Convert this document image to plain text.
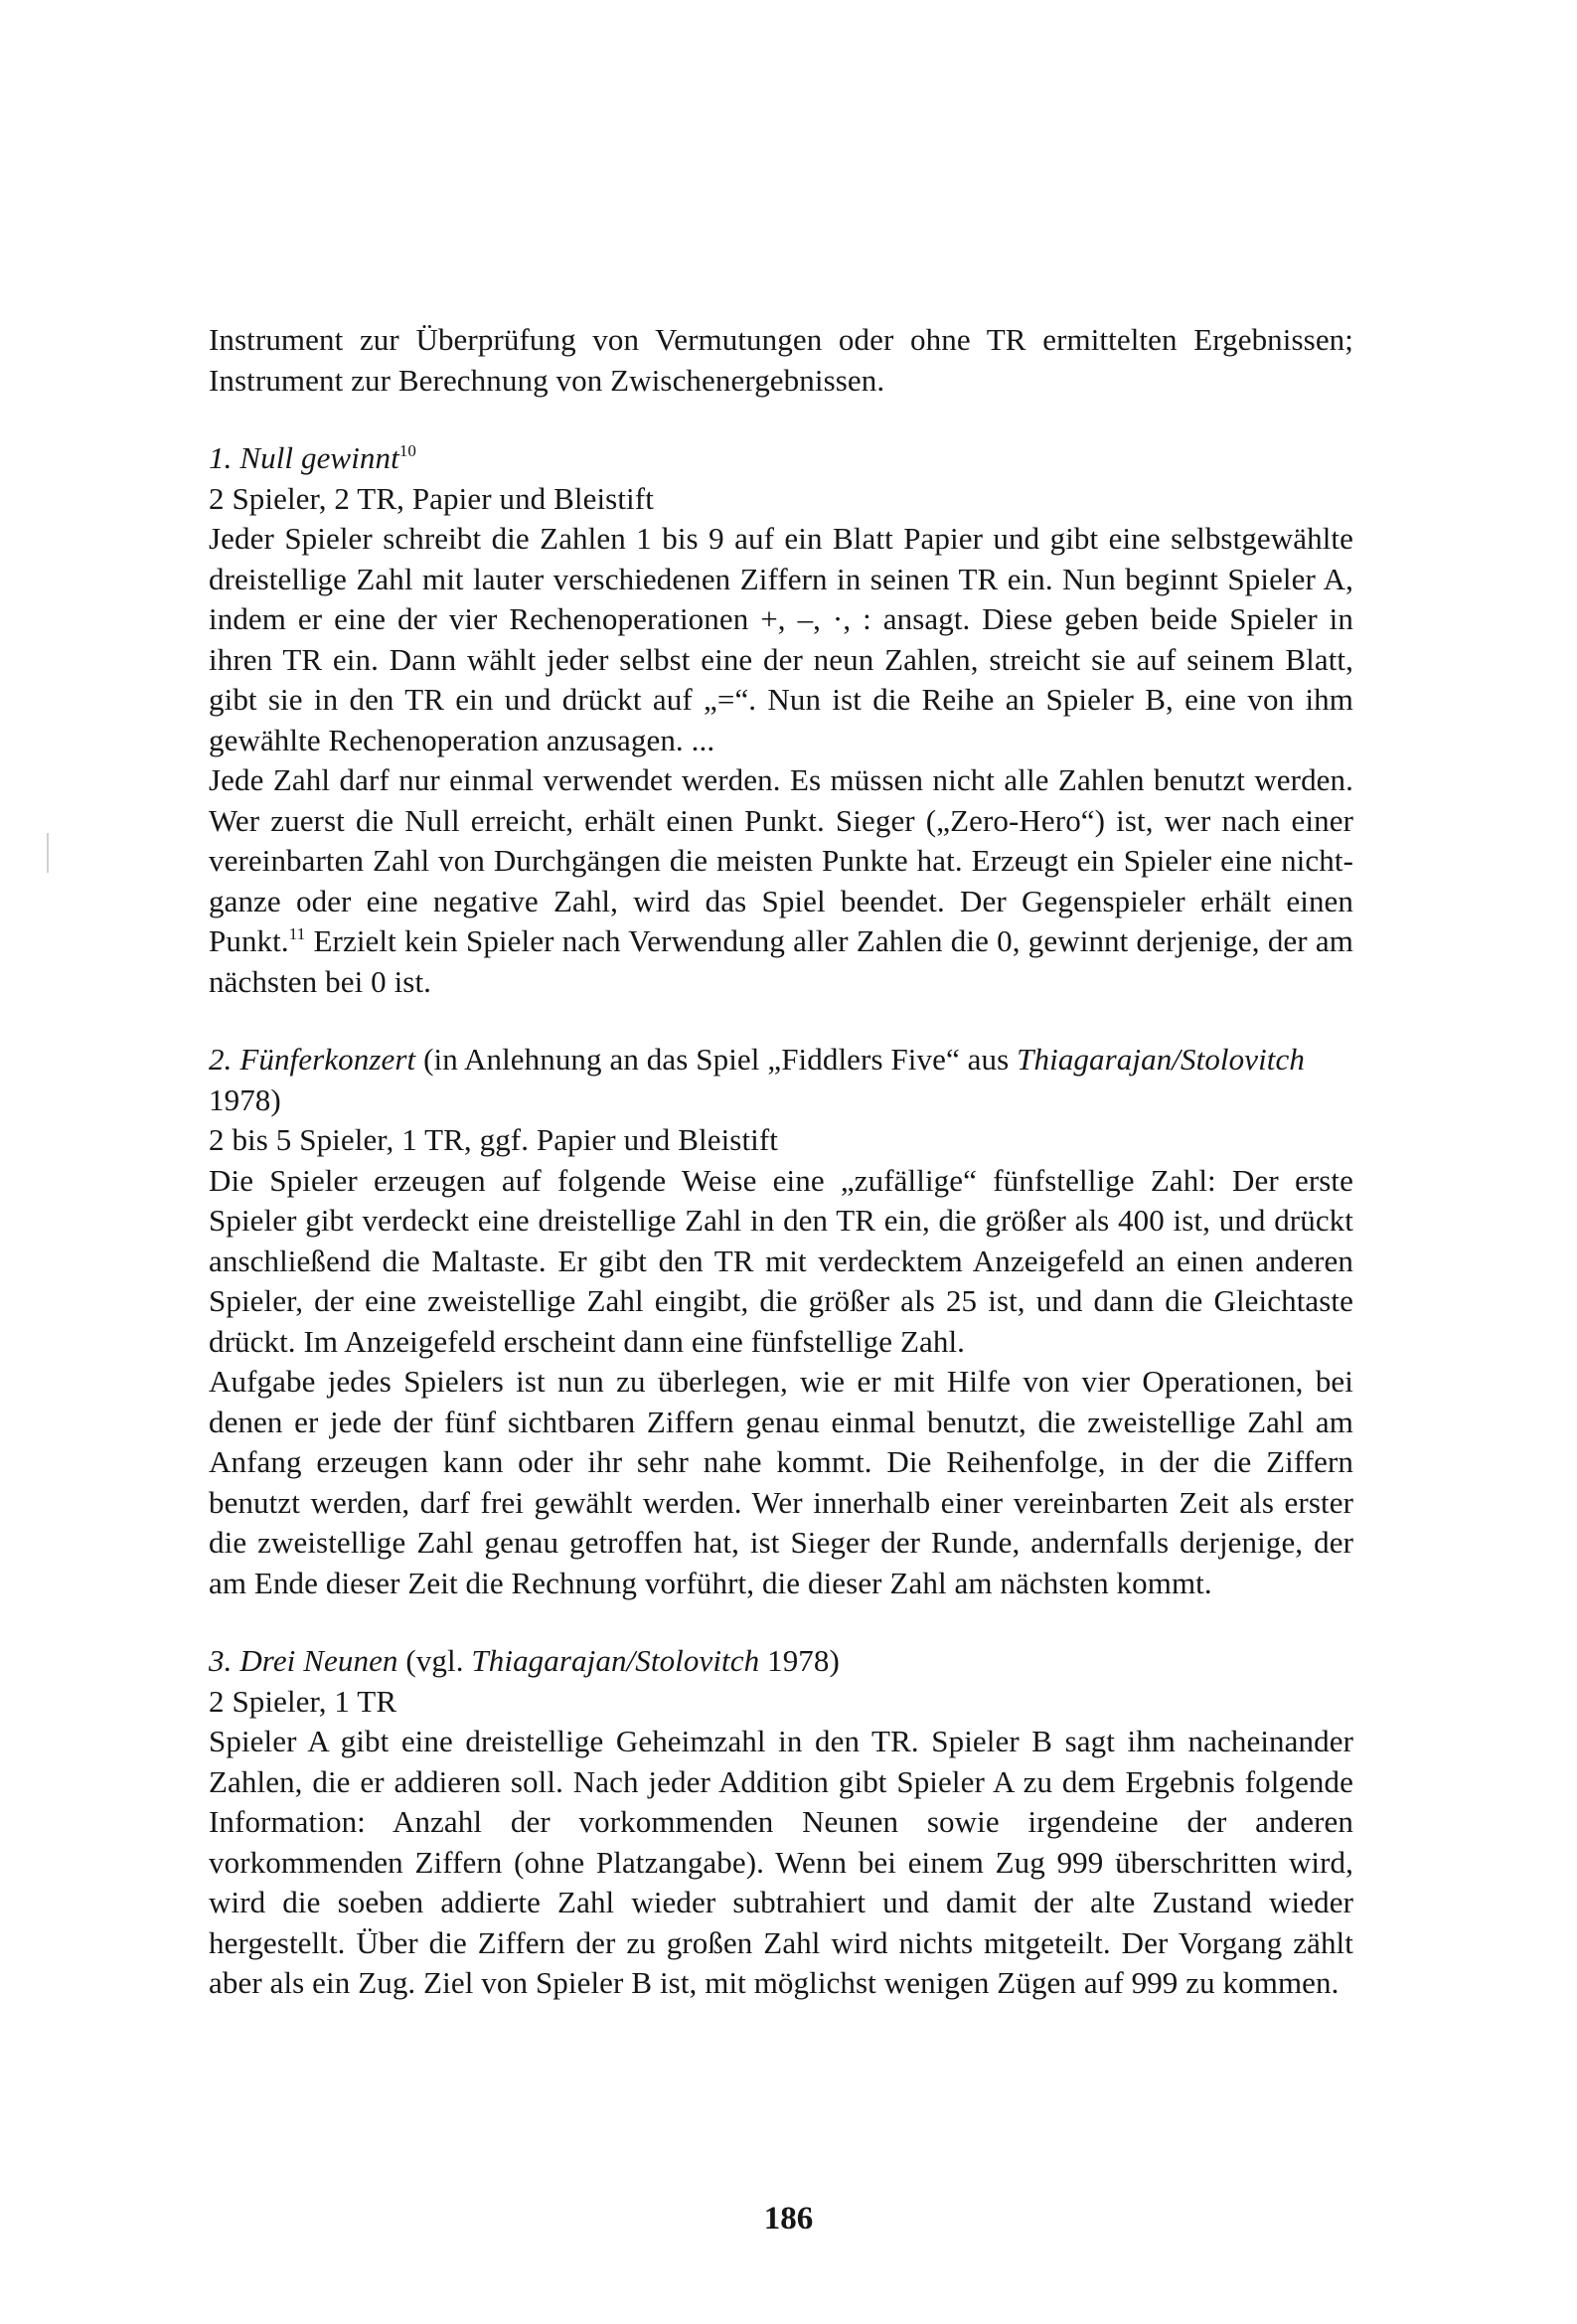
Instrument zur Überprüfung von Vermutungen oder ohne TR ermittelten Ergebnissen; Instrument zur Berechnung von Zwischenergebnissen.

1. Null gewinnt$^{10}$

2 Spieler, 2 TR, Papier und Bleistift

Jeder Spieler schreibt die Zahlen 1 bis 9 auf ein Blatt Papier und gibt eine selbstgewählte dreistellige Zahl mit lauter verschiedenen Ziffern in seinen TR ein. Nun beginnt Spieler A, indem er eine der vier Rechenoperationen +, –, ·, : ansagt. Diese geben beide Spieler in ihren TR ein. Dann wählt jeder selbst eine der neun Zahlen, streicht sie auf seinem Blatt, gibt sie in den TR ein und drückt auf „=“. Nun ist die Reihe an Spieler B, eine von ihm gewählte Rechenoperation anzusagen. ...

Jede Zahl darf nur einmal verwendet werden. Es müssen nicht alle Zahlen benutzt werden. Wer zuerst die Null erreicht, erhält einen Punkt. Sieger („Zero-Hero“) ist, wer nach einer vereinbarten Zahl von Durchgängen die meisten Punkte hat. Erzeugt ein Spieler eine nicht-ganze oder eine negative Zahl, wird das Spiel beendet. Der Gegenspieler erhält einen Punkt.$^{11}$ Erzielt kein Spieler nach Verwendung aller Zahlen die 0, gewinnt derjenige, der am nächsten bei 0 ist.

2. Fünferkonzert (in Anlehnung an das Spiel „Fiddlers Five“ aus Thiagarajan/Stolovitch 1978)

2 bis 5 Spieler, 1 TR, ggf. Papier und Bleistift

Die Spieler erzeugen auf folgende Weise eine „zufällige“ fünfstellige Zahl: Der erste Spieler gibt verdeckt eine dreistellige Zahl in den TR ein, die größer als 400 ist, und drückt anschließend die Maltaste. Er gibt den TR mit verdecktem Anzeigefeld an einen anderen Spieler, der eine zweistellige Zahl eingibt, die größer als 25 ist, und dann die Gleichtaste drückt. Im Anzeigefeld erscheint dann eine fünfstellige Zahl.

Aufgabe jedes Spielers ist nun zu überlegen, wie er mit Hilfe von vier Operationen, bei denen er jede der fünf sichtbaren Ziffern genau einmal benutzt, die zweistellige Zahl am Anfang erzeugen kann oder ihr sehr nahe kommt. Die Reihenfolge, in der die Ziffern benutzt werden, darf frei gewählt werden. Wer innerhalb einer vereinbarten Zeit als erster die zweistellige Zahl genau getroffen hat, ist Sieger der Runde, andernfalls derjenige, der am Ende dieser Zeit die Rechnung vorführt, die dieser Zahl am nächsten kommt.

3. Drei Neunen (vgl. Thiagarajan/Stolovitch 1978)

2 Spieler, 1 TR

Spieler A gibt eine dreistellige Geheimzahl in den TR. Spieler B sagt ihm nacheinander Zahlen, die er addieren soll. Nach jeder Addition gibt Spieler A zu dem Ergebnis folgende Information: Anzahl der vorkommenden Neunen sowie irgendeine der anderen vorkommenden Ziffern (ohne Platzangabe). Wenn bei einem Zug 999 überschritten wird, wird die soeben addierte Zahl wieder subtrahiert und damit der alte Zustand wieder hergestellt. Über die Ziffern der zu großen Zahl wird nichts mitgeteilt. Der Vorgang zählt aber als ein Zug. Ziel von Spieler B ist, mit möglichst wenigen Zügen auf 999 zu kommen.

186
